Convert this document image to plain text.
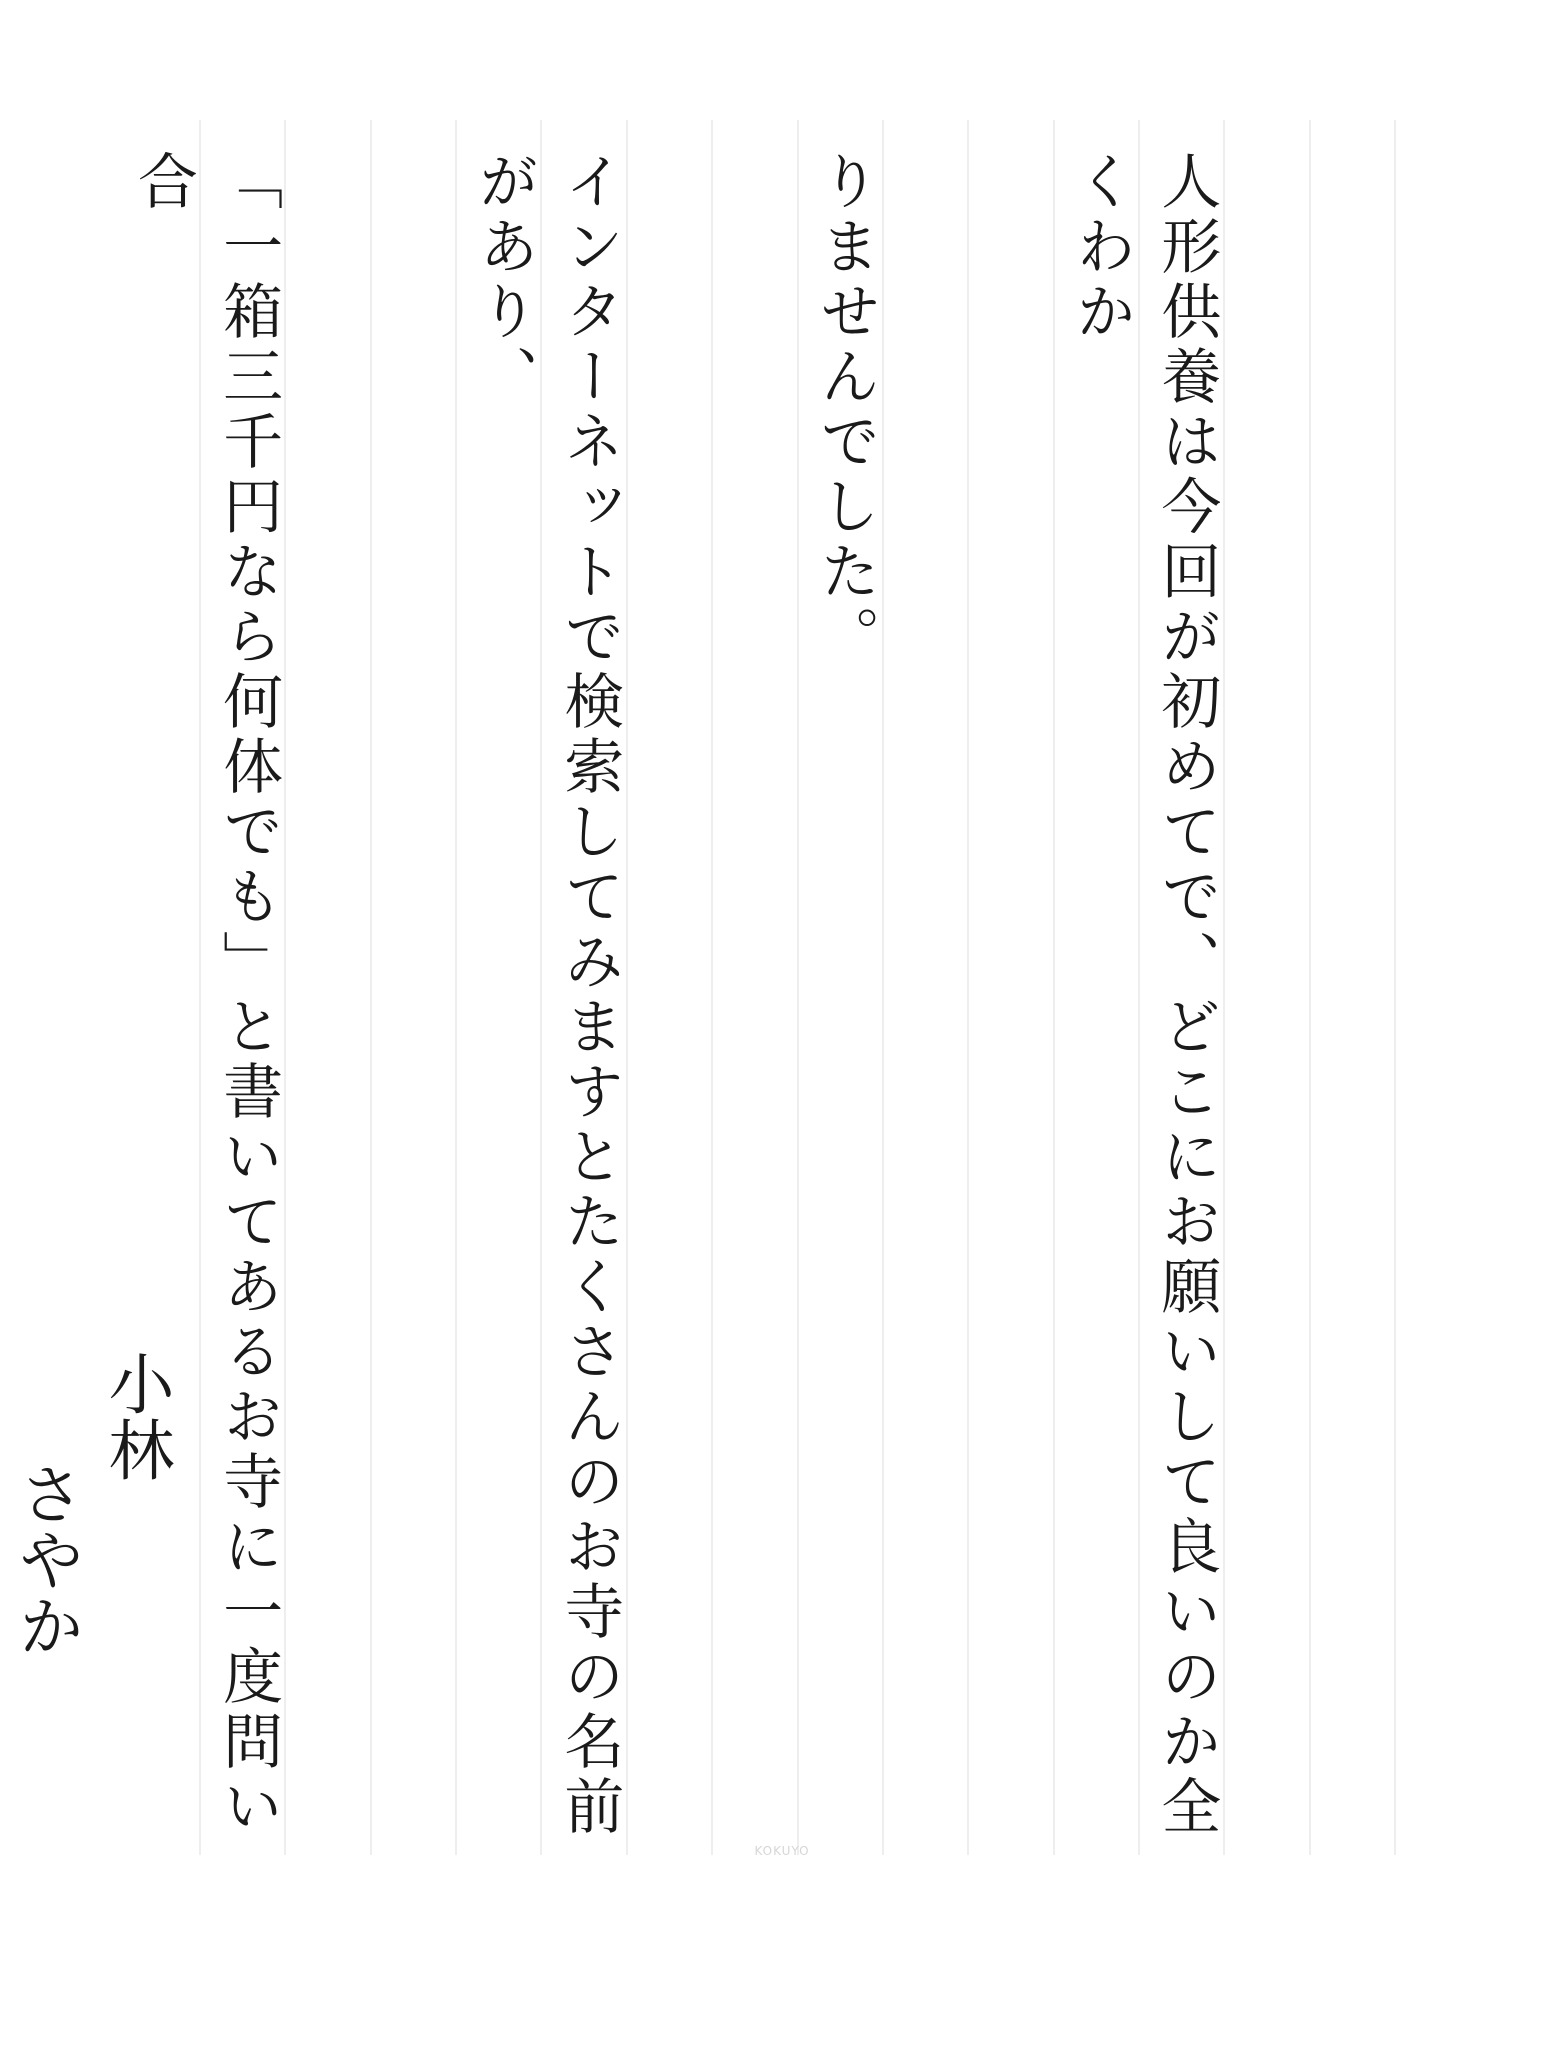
人形供養は今回が初めてで、どこにお願いして良いのか全くわか

りませんでした。

インターネットで検索してみますとたくさんのお寺の名前があり、

「一箱三千円なら何体でも」と書いてあるお寺に一度問い合

小林
さやか
KOKUYO
